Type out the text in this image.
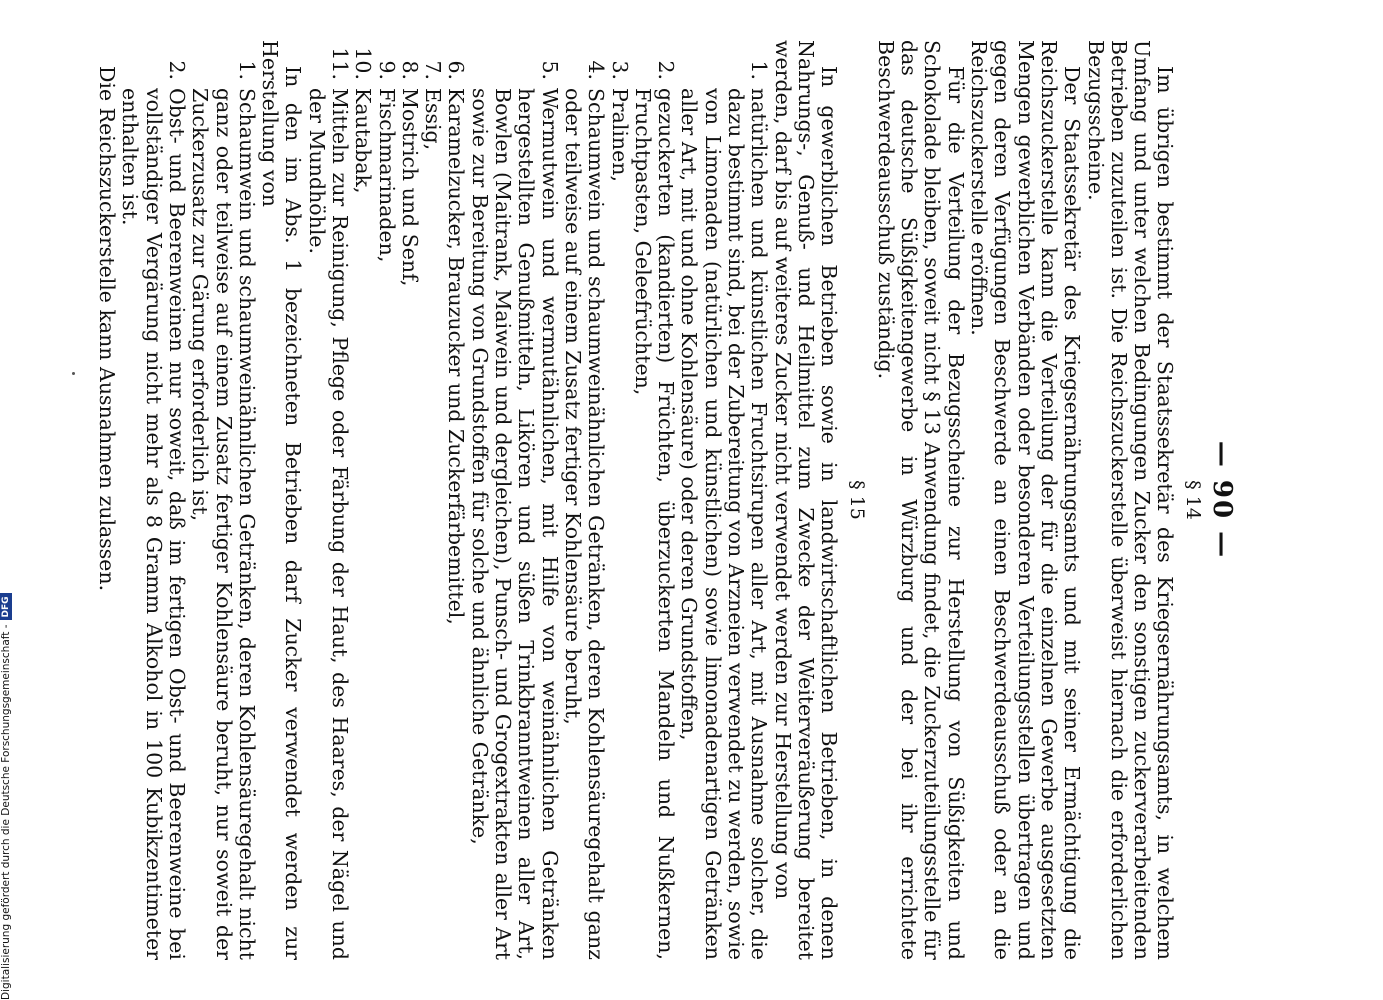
— 90 —
§ 14

Im übrigen bestimmt der Staatssekretär des Kriegsernährungsamts, in welchem Umfang und unter welchen Bedingungen Zucker den sonstigen zuckerverarbeitenden Betrieben zuzuteilen ist. Die Reichszuckerstelle überweist hiernach die erforderlichen Bezugsscheine.

Der Staatssekretär des Kriegsernährungsamts und mit seiner Ermächtigung die Reichszuckerstelle kann die Verteilung der für die einzelnen Gewerbe ausgesetzten Mengen gewerblichen Verbänden oder besonderen Verteilungsstellen übertragen und gegen deren Verfügungen Beschwerde an einen Beschwerdeausschuß oder an die Reichszuckerstelle eröffnen.

Für die Verteilung der Bezugsscheine zur Herstellung von Süßigkeiten und Schokolade bleiben, soweit nicht § 13 Anwendung findet, die Zuckerzuteilungsstelle für das deutsche Süßigkeitengewerbe in Würzburg und der bei ihr errichtete Beschwerdeausschuß zuständig.

§ 15

In gewerblichen Betrieben sowie in landwirtschaftlichen Betrieben, in denen Nahrungs-, Genuß- und Heilmittel zum Zwecke der Weiterveräußerung bereitet werden, darf bis auf weiteres Zucker nicht verwendet werden zur Herstellung von

1.
natürlichen und künstlichen Fruchtsirupen aller Art, mit Ausnahme solcher, die dazu bestimmt sind, bei der Zubereitung von Arzneien verwendet zu werden, sowie von Limonaden (natürlichen und künstlichen) sowie limonadenartigen Getränken aller Art, mit und ohne Kohlensäure) oder deren Grundstoffen,
2.
gezuckerten (kandierten) Früchten, überzuckerten Mandeln und Nußkernen, Fruchtpasten, Geleefrüchten,
3.
Pralinen,
4.
Schaumwein und schaumweinähnlichen Getränken, deren Kohlensäuregehalt ganz oder teilweise auf einem Zusatz fertiger Kohlensäure beruht,
5.
Wermutwein und wermutähnlichen, mit Hilfe von weinähnlichen Getränken hergestellten Genußmitteln, Likören und süßen Trinkbranntweinen aller Art, Bowlen (Maitrank, Maiwein und dergleichen), Punsch- und Grogextrakten aller Art sowie zur Bereitung von Grundstoffen für solche und ähnliche Getränke,
6.
Karamelzucker, Brauzucker und Zuckerfärbemittel,
7.
Essig,
8.
Mostrich und Senf,
9.
Fischmarinaden,
10.
Kautabak,
11.
Mitteln zur Reinigung, Pflege oder Färbung der Haut, des Haares, der Nägel und der Mundhöhle.

In den im Abs. 1 bezeichneten Betrieben darf Zucker verwendet werden zur Herstellung von

1.
Schaumwein und schaumweinähnlichen Getränken, deren Kohlensäuregehalt nicht ganz oder teilweise auf einem Zusatz fertiger Kohlensäure beruht, nur soweit der Zuckerzusatz zur Gärung erforderlich ist,
2.
Obst- und Beerenweinen nur soweit, daß im fertigen Obst- und Beerenweine bei vollständiger Vergärung nicht mehr als 8 Gramm Alkohol in 100 Kubikzentimeter enthalten ist.

Die Reichszuckerstelle kann Ausnahmen zulassen.

Digitalisierung gefördert durch die Deutsche Forschungsgemeinschaft -
DFG
